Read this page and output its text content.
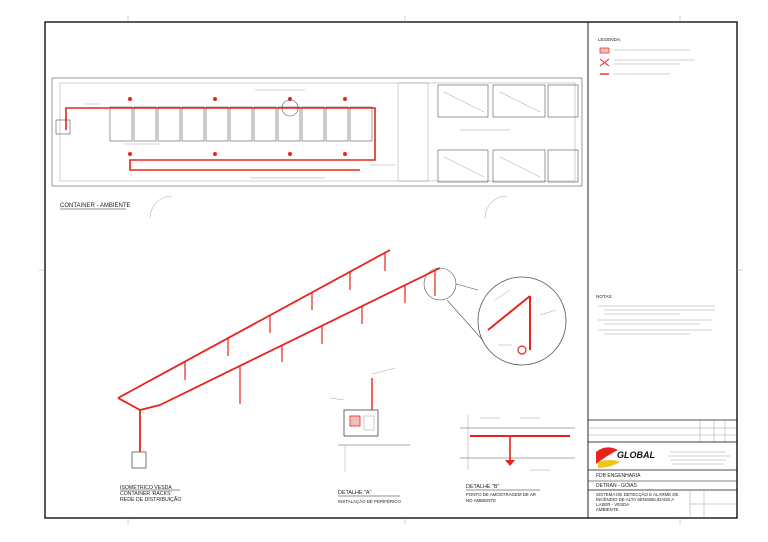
CONTAINER - AMBIENTE
ISOMÉTRICO VESDA
CONTAINER 'RACKS'
REDE DE DISTRIBUIÇÃO
DETALHE "A"
INSTALAÇÃO DE PERIFÉRICO
DETALHE "B"
PONTO DE AMOSTRAGEM DE AR
NO AMBIENTE
LEGENDA:
NOTAS:
GLOBAL
FDB ENGENHARIA
DETRAN - GOIAS
SISTEMA DE DETECÇÃO E ALARME DE
INCÊNDIO DE ALTA SENSIBILIDADE A
LASER - VESDA
AMBIENTE
